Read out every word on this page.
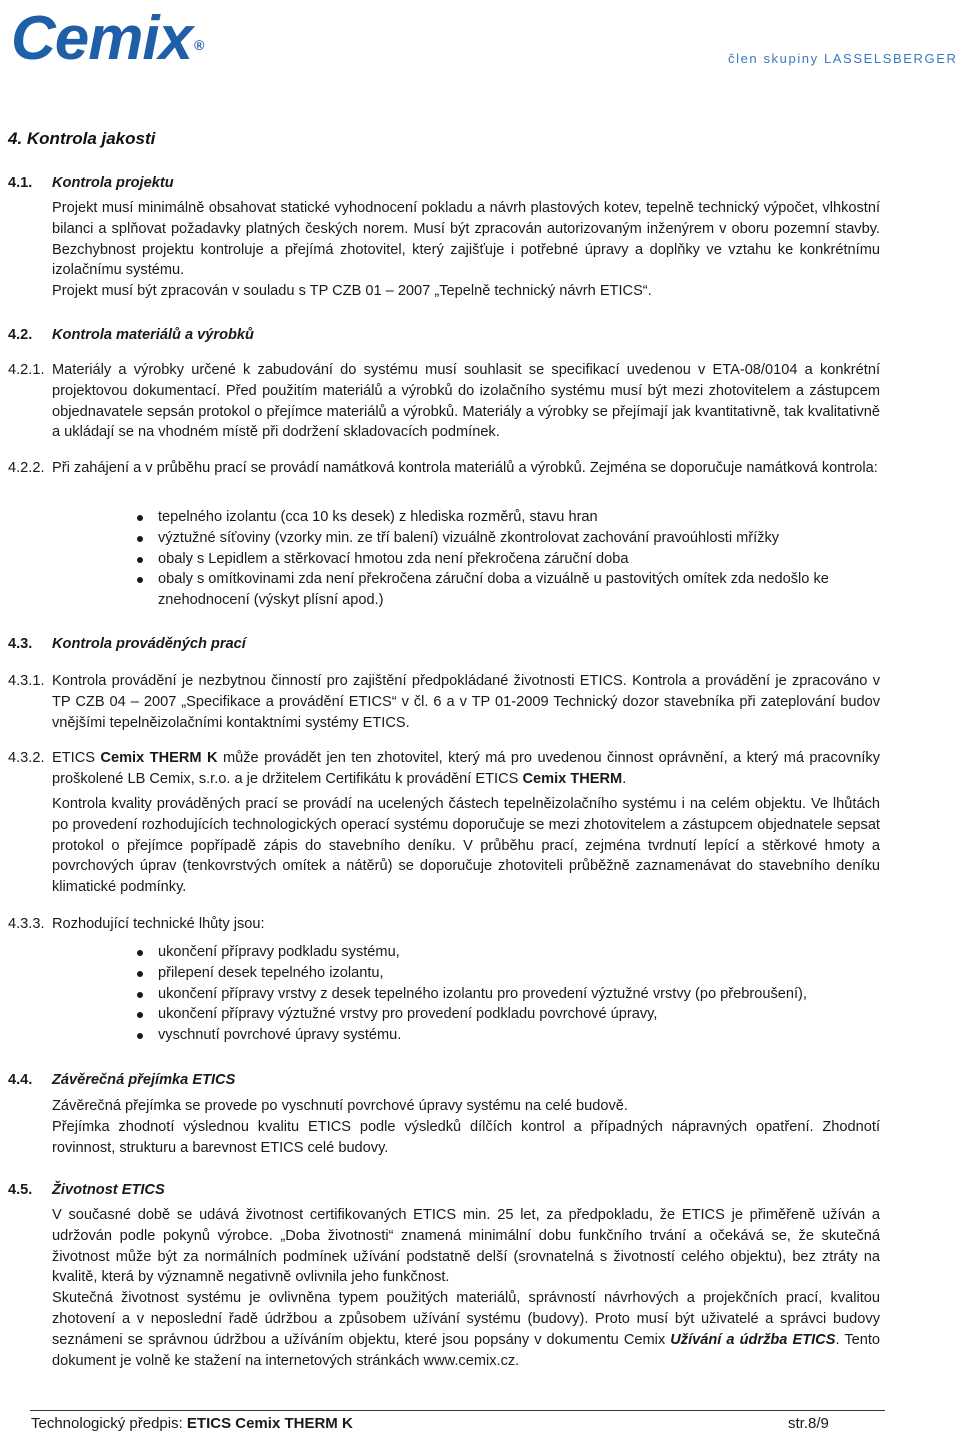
Cemix ®
člen skupiny LASSELSBERGER
4. Kontrola jakosti
4.1. Kontrola projektu

Projekt musí minimálně obsahovat statické vyhodnocení pokladu a návrh plastových kotev, tepelně technický výpočet, vlhkostní bilanci a splňovat požadavky platných českých norem. Musí být zpracován autorizovaným inženýrem v oboru pozemní stavby. Bezchybnost projektu kontroluje a přejímá zhotovitel, který zajišťuje i potřebné úpravy a doplňky ve vztahu ke konkrétnímu izolačnímu systému.

Projekt musí být zpracován v souladu s TP CZB 01 – 2007 „Tepelně technický návrh ETICS“.

4.2. Kontrola materiálů a výrobků
4.2.1. Materiály a výrobky určené k zabudování do systému musí souhlasit se specifikací uvedenou v ETA-08/0104 a konkrétní projektovou dokumentací. Před použitím materiálů a výrobků do izolačního systému musí být mezi zhotovitelem a zástupcem objednavatele sepsán protokol o přejímce materiálů a výrobků. Materiály a výrobky se přejímají jak kvantitativně, tak kvalitativně a ukládají se na vhodném místě při dodržení skladovacích podmínek.
4.2.2. Při zahájení a v průběhu prací se provádí namátková kontrola materiálů a výrobků. Zejména se doporučuje namátková kontrola:
tepelného izolantu (cca 10 ks desek) z hlediska rozměrů, stavu hran
výztužné síťoviny (vzorky min. ze tří balení) vizuálně zkontrolovat zachování pravoúhlosti mřížky
obaly s Lepidlem a stěrkovací hmotou zda není překročena záruční doba
obaly s omítkovinami zda není překročena záruční doba a vizuálně u pastovitých omítek zda nedošlo ke znehodnocení (výskyt plísní apod.)
4.3. Kontrola prováděných prací
4.3.1. Kontrola provádění je nezbytnou činností pro zajištění předpokládané životnosti ETICS. Kontrola a provádění je zpracováno v TP CZB 04 – 2007 „Specifikace a provádění ETICS“ v čl. 6 a v TP 01-2009 Technický dozor stavebníka při zateplování budov vnějšími tepelněizolačními kontaktními systémy ETICS.
4.3.2. ETICS Cemix THERM K může provádět jen ten zhotovitel, který má pro uvedenou činnost oprávnění, a který má pracovníky proškolené LB Cemix, s.r.o. a je držitelem Certifikátu k provádění ETICS Cemix THERM.

Kontrola kvality prováděných prací se provádí na ucelených částech tepelněizolačního systému i na celém objektu. Ve lhůtách po provedení rozhodujících technologických operací systému doporučuje se mezi zhotovitelem a zástupcem objednatele sepsat protokol o přejímce popřípadě zápis do stavebního deníku. V průběhu prací, zejména tvrdnutí lepící a stěrkové hmoty a povrchových úprav (tenkovrstvých omítek a nátěrů) se doporučuje zhotoviteli průběžně zaznamenávat do stavebního deníku klimatické podmínky.
4.3.3. Rozhodující technické lhůty jsou:
ukončení přípravy podkladu systému,
přilepení desek tepelného izolantu,
ukončení přípravy vrstvy z desek tepelného izolantu pro provedení výztužné vrstvy (po přebroušení),
ukončení přípravy výztužné vrstvy pro provedení podkladu povrchové úpravy,
vyschnutí povrchové úpravy systému.
4.4. Závěrečná přejímka ETICS

Závěrečná přejímka se provede po vyschnutí povrchové úpravy systému na celé budově.

Přejímka zhodnotí výslednou kvalitu ETICS podle výsledků dílčích kontrol a případných nápravných opatření. Zhodnotí rovinnost, strukturu a barevnost ETICS celé budovy.

4.5. Životnost ETICS

V současné době se udává životnost certifikovaných ETICS min. 25 let, za předpokladu, že ETICS je přiměřeně užíván a udržován podle pokynů výrobce. „Doba životnosti“ znamená minimální dobu funkčního trvání a očekává se, že skutečná životnost může být za normálních podmínek užívání podstatně delší (srovnatelná s životností celého objektu), bez ztráty na kvalitě, která by významně negativně ovlivnila jeho funkčnost.

Skutečná životnost systému je ovlivněna typem použitých materiálů, správností návrhových a projekčních prací, kvalitou zhotovení a v neposlední řadě údržbou a způsobem užívání systému (budovy). Proto musí být uživatelé a správci budovy seznámeni se správnou údržbou a užíváním objektu, které jsou popsány v dokumentu Cemix Užívání a údržba ETICS. Tento dokument je volně ke stažení na internetových stránkách www.cemix.cz.

Technologický předpis: ETICS Cemix THERM K	str.8/9
